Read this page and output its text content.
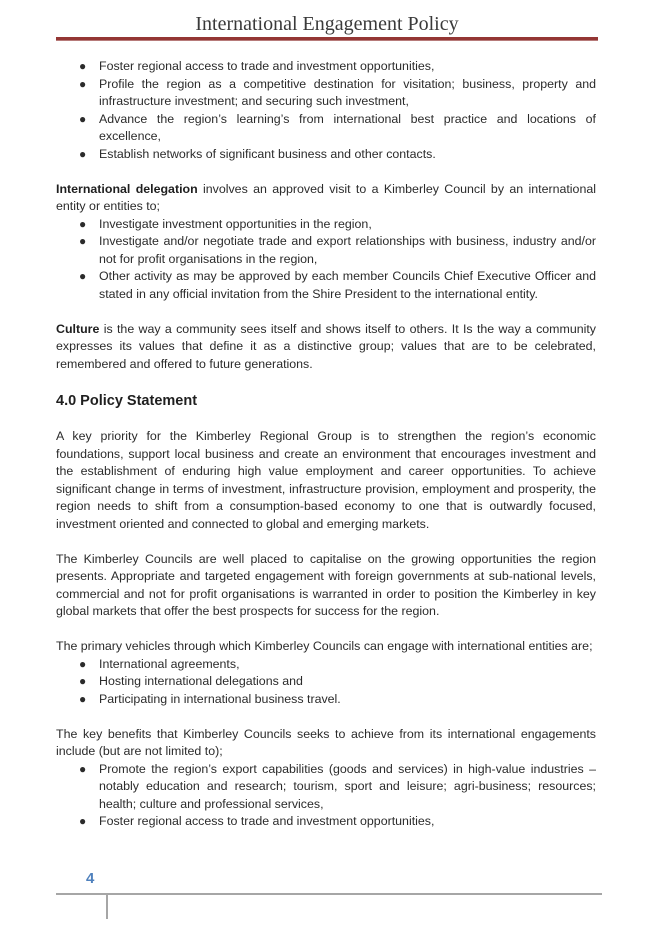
International Engagement Policy
● Foster regional access to trade and investment opportunities,
● Profile the region as a competitive destination for visitation; business, property and infrastructure investment; and securing such investment,
● Advance the region’s learning’s from international best practice and locations of excellence,
● Establish networks of significant business and other contacts.

International delegation involves an approved visit to a Kimberley Council by an international entity or entities to;

● Investigate investment opportunities in the region,
● Investigate and/or negotiate trade and export relationships with business, industry and/or not for profit organisations in the region,
● Other activity as may be approved by each member Councils Chief Executive Officer and stated in any official invitation from the Shire President to the international entity.

Culture is the way a community sees itself and shows itself to others. It Is the way a community expresses its values that define it as a distinctive group; values that are to be celebrated, remembered and offered to future generations.

4.0 Policy Statement

A key priority for the Kimberley Regional Group is to strengthen the region’s economic foundations, support local business and create an environment that encourages investment and the establishment of enduring high value employment and career opportunities. To achieve significant change in terms of investment, infrastructure provision, employment and prosperity, the region needs to shift from a consumption-based economy to one that is outwardly focused, investment oriented and connected to global and emerging markets.

The Kimberley Councils are well placed to capitalise on the growing opportunities the region presents. Appropriate and targeted engagement with foreign governments at sub-national levels, commercial and not for profit organisations is warranted in order to position the Kimberley in key global markets that offer the best prospects for success for the region.

The primary vehicles through which Kimberley Councils can engage with international entities are;

● International agreements,
● Hosting international delegations and
● Participating in international business travel.

The key benefits that Kimberley Councils seeks to achieve from its international engagements include (but are not limited to);

● Promote the region’s export capabilities (goods and services) in high-value industries – notably education and research; tourism, sport and leisure; agri-business; resources; health; culture and professional services,
● Foster regional access to trade and investment opportunities,
4
